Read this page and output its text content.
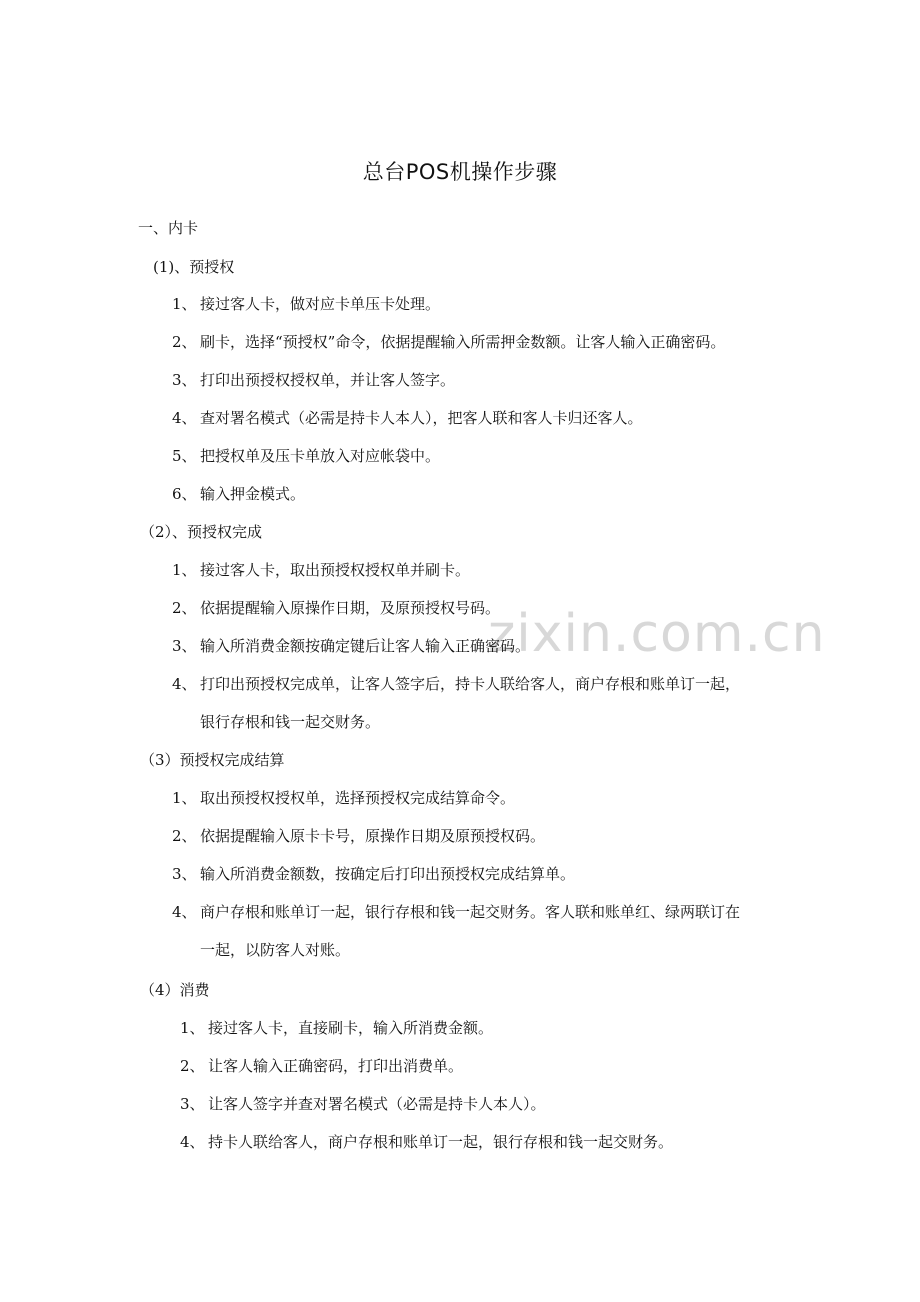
zixin.com.cn
总台POS机操作步骤
一、内卡
(1)、预授权
1、 接过客人卡，做对应卡单压卡处理。
2、 刷卡，选择“预授权”命令，依据提醒输入所需押金数额。让客人输入正确密码。
3、 打印出预授权授权单，并让客人签字。
4、 查对署名模式（必需是持卡人本人），把客人联和客人卡归还客人。
5、 把授权单及压卡单放入对应帐袋中。
6、 输入押金模式。
（2）、预授权完成
1、 接过客人卡，取出预授权授权单并刷卡。
2、 依据提醒输入原操作日期，及原预授权号码。
3、 输入所消费金额按确定键后让客人输入正确密码。
4、 打印出预授权完成单，让客人签字后，持卡人联给客人，商户存根和账单订一起，
银行存根和钱一起交财务。
（3）预授权完成结算
1、 取出预授权授权单，选择预授权完成结算命令。
2、 依据提醒输入原卡卡号，原操作日期及原预授权码。
3、 输入所消费金额数，按确定后打印出预授权完成结算单。
4、 商户存根和账单订一起，银行存根和钱一起交财务。客人联和账单红、绿两联订在
一起，以防客人对账。
（4）消费
1、 接过客人卡，直接刷卡，输入所消费金额。
2、 让客人输入正确密码，打印出消费单。
3、 让客人签字并查对署名模式（必需是持卡人本人）。
4、 持卡人联给客人，商户存根和账单订一起，银行存根和钱一起交财务。
